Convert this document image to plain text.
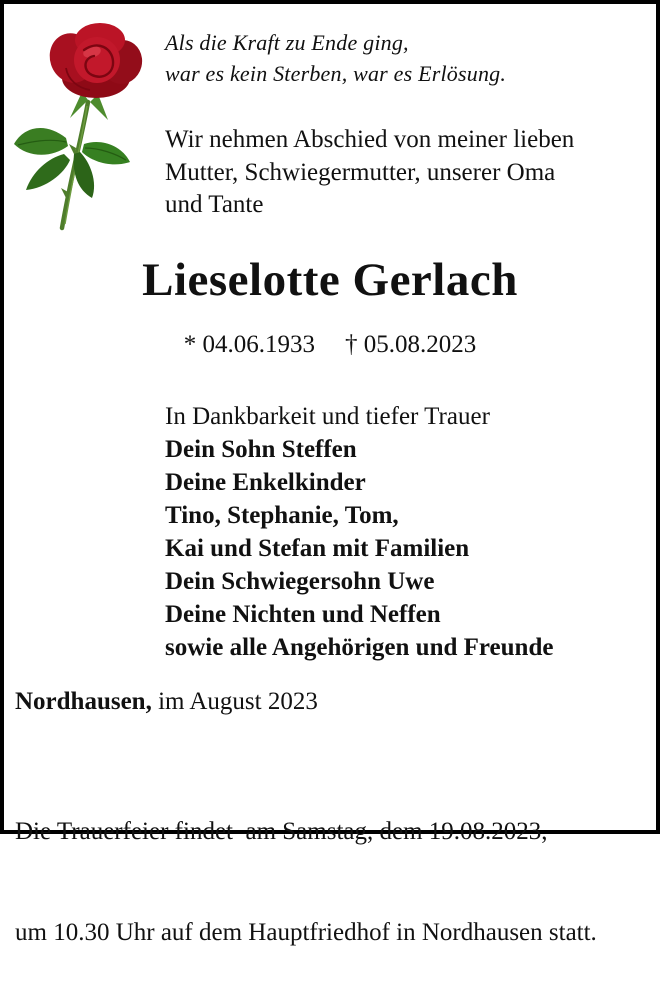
Als die Kraft zu Ende ging,
war es kein Sterben, war es Erlösung.
Wir nehmen Abschied von meiner lieben
Mutter, Schwiegermutter, unserer Oma
und Tante
Lieselotte Gerlach
* 04.06.1933 † 05.08.2023
In Dankbarkeit und tiefer Trauer
Dein Sohn Steffen
Deine Enkelkinder
Tino, Stephanie, Tom,
Kai und Stefan mit Familien
Dein Schwiegersohn Uwe
Deine Nichten und Neffen
sowie alle Angehörigen und Freunde
Nordhausen, im August 2023

Die Trauerfeier findet  am Samstag, dem 19.08.2023,

um 10.30 Uhr auf dem Hauptfriedhof in Nordhausen statt.
